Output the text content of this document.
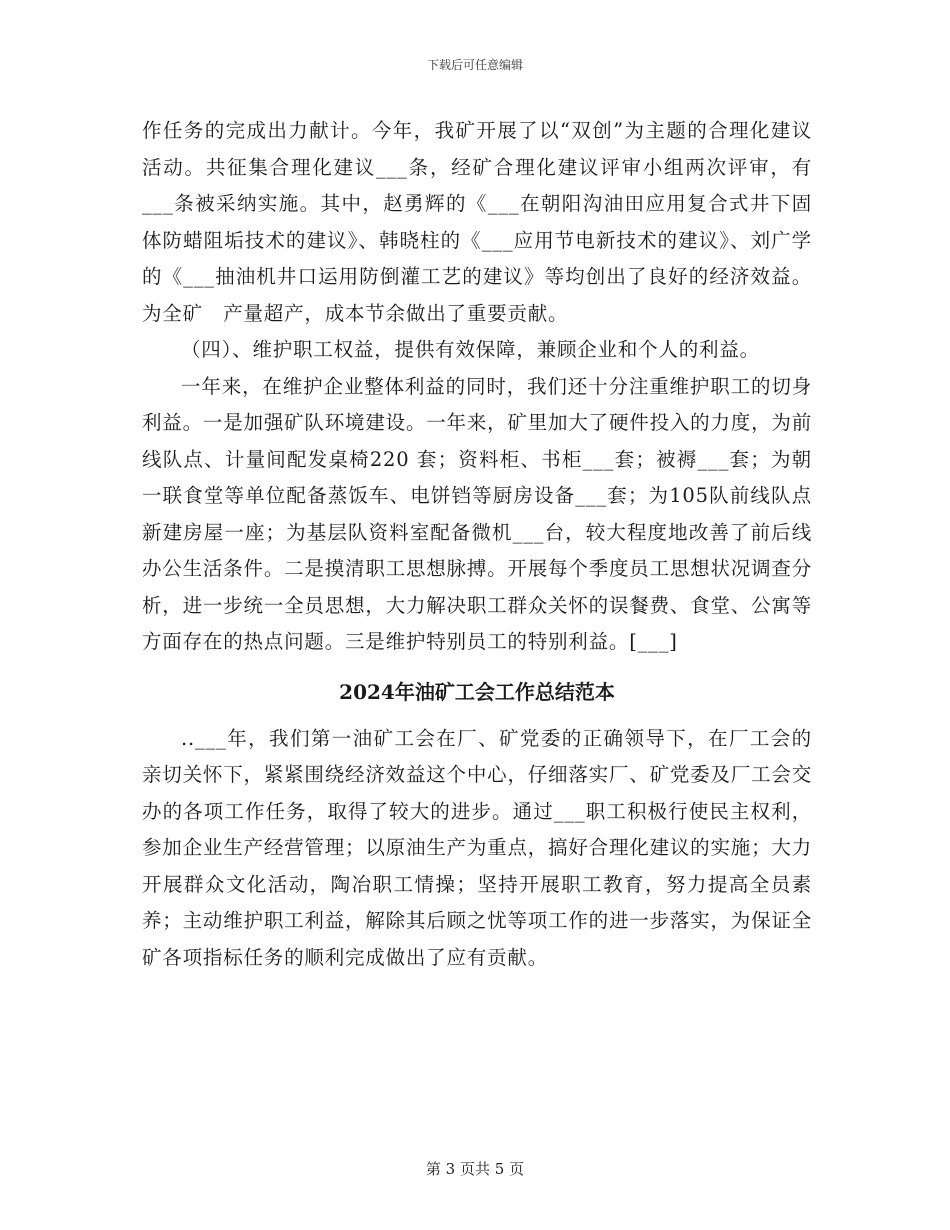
下载后可任意编辑

作任务的完成出力献计。今年，我矿开展了以“双创”为主题的合理化建议活动。共征集合理化建议___条，经矿合理化建议评审小组两次评审，有___条被采纳实施。其中，赵勇辉的《___在朝阳沟油田应用复合式井下固体防蜡阻垢技术的建议》、韩晓柱的《___应用节电新技术的建议》、刘广学的《___抽油机井口运用防倒灌工艺的建议》等均创出了良好的经济效益。为全矿　产量超产，成本节余做出了重要贡献。

（四）、维护职工权益，提供有效保障，兼顾企业和个人的利益。

一年来，在维护企业整体利益的同时，我们还十分注重维护职工的切身利益。一是加强矿队环境建设。一年来，矿里加大了硬件投入的力度，为前线队点、计量间配发桌椅220 套；资料柜、书柜___套；被褥___套；为朝一联食堂等单位配备蒸饭车、电饼铛等厨房设备___套；为105队前线队点新建房屋一座；为基层队资料室配备微机___台，较大程度地改善了前后线办公生活条件。二是摸清职工思想脉搏。开展每个季度员工思想状况调查分析，进一步统一全员思想，大力解决职工群众关怀的误餐费、食堂、公寓等方面存在的热点问题。三是维护特别员工的特别利益。[___]

2024年油矿工会工作总结范本

..___年，我们第一油矿工会在厂、矿党委的正确领导下，在厂工会的亲切关怀下，紧紧围绕经济效益这个中心，仔细落实厂、矿党委及厂工会交办的各项工作任务，取得了较大的进步。通过___职工积极行使民主权利，参加企业生产经营管理；以原油生产为重点，搞好合理化建议的实施；大力开展群众文化活动，陶冶职工情操；坚持开展职工教育，努力提高全员素养；主动维护职工利益，解除其后顾之忧等项工作的进一步落实，为保证全矿各项指标任务的顺利完成做出了应有贡献。

第 3 页共 5 页
